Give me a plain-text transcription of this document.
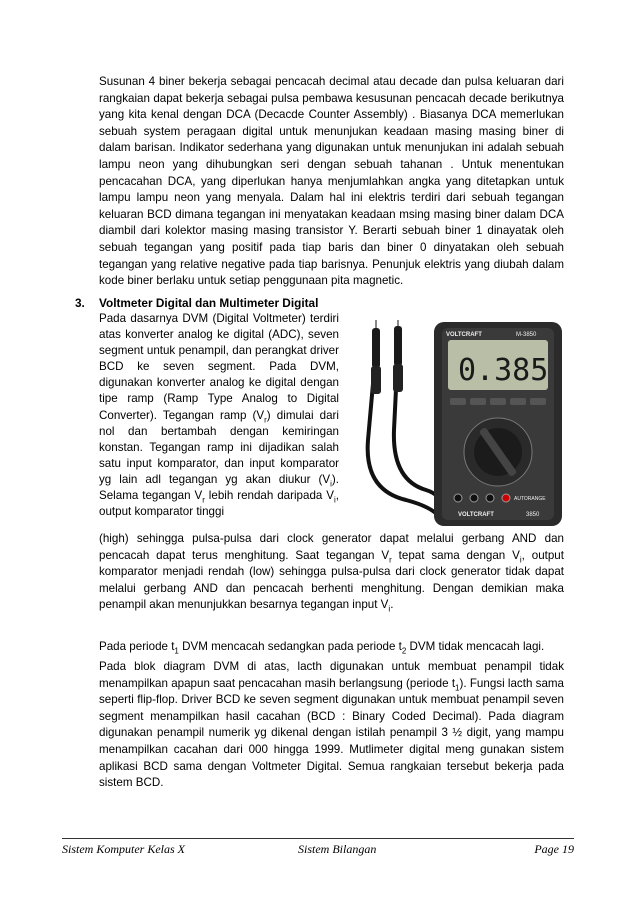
Susunan 4 biner bekerja sebagai pencacah decimal atau decade dan pulsa keluaran dari rangkaian dapat bekerja sebagai pulsa pembawa kesusunan pencacah decade berikutnya yang kita kenal dengan DCA (Decacde Counter Assembly) . Biasanya DCA memerlukan sebuah system peragaan digital untuk menunjukan keadaan masing masing biner di dalam barisan. Indikator sederhana yang digunakan untuk menunjukan ini adalah sebuah lampu neon yang dihubungkan seri dengan sebuah tahanan . Untuk menentukan pencacahan DCA, yang diperlukan hanya menjumlahkan angka yang ditetapkan untuk lampu lampu neon yang menyala. Dalam hal ini elektris terdiri dari sebuah tegangan keluaran BCD dimana tegangan ini menyatakan keadaan msing masing biner dalam DCA diambil dari kolektor masing masing transistor Y. Berarti sebuah biner 1 dinayatak oleh sebuah tegangan yang positif pada tiap baris dan biner 0 dinyatakan oleh sebuah tegangan yang relative negative pada tiap barisnya. Penunjuk elektris yang diubah dalam kode biner berlaku untuk setiap penggunaan pita magnetic.

3. Voltmeter Digital dan Multimeter Digital

Pada dasarnya DVM (Digital Voltmeter) terdiri atas konverter analog ke digital (ADC), seven segment untuk penampil, dan perangkat driver BCD ke seven segment. Pada DVM, digunakan konverter analog ke digital dengan tipe ramp (Ramp Type Analog to Digital Converter). Tegangan ramp $(V_r)$ dimulai dari nol dan bertambah dengan kemiringan konstan. Tegangan ramp ini dijadikan salah satu input komparator, dan input komparator yg lain adl tegangan yg akan diukur $(V_i)$. Selama tegangan $V_r$ lebih rendah daripada $V_i$, output komparator tinggi

VOLTCRAFT	M-3850
0.385
AUTORANGE
VOLTCRAFT	3850

(high) sehingga pulsa-pulsa dari clock generator dapat melalui gerbang AND dan pencacah dapat terus menghitung. Saat tegangan $V_r$ tepat sama dengan $V_i$, output komparator menjadi rendah (low) sehingga pulsa-pulsa dari clock generator tidak dapat melalui gerbang AND dan pencacah berhenti menghitung. Dengan demikian maka penampil akan menunjukkan besarnya tegangan input $V_i$.

Pada periode $t_1$ DVM mencacah sedangkan pada periode $t_2$ DVM tidak mencacah lagi.

Pada blok diagram DVM di atas, lacth digunakan untuk membuat penampil tidak menampilkan apapun saat pencacahan masih berlangsung (periode $t_1$). Fungsi lacth sama seperti flip-flop. Driver BCD ke seven segment digunakan untuk membuat penampil seven segment menampilkan hasil cacahan (BCD : Binary Coded Decimal). Pada diagram digunakan penampil numerik yg dikenal dengan istilah penampil 3 ½ digit, yang mampu menampilkan cacahan dari 000 hingga 1999. Mutlimeter digital meng gunakan sistem aplikasi BCD sama dengan Voltmeter Digital. Semua rangkaian tersebut bekerja pada sistem BCD.

Sistem Komputer Kelas X	Sistem Bilangan	Page 19
